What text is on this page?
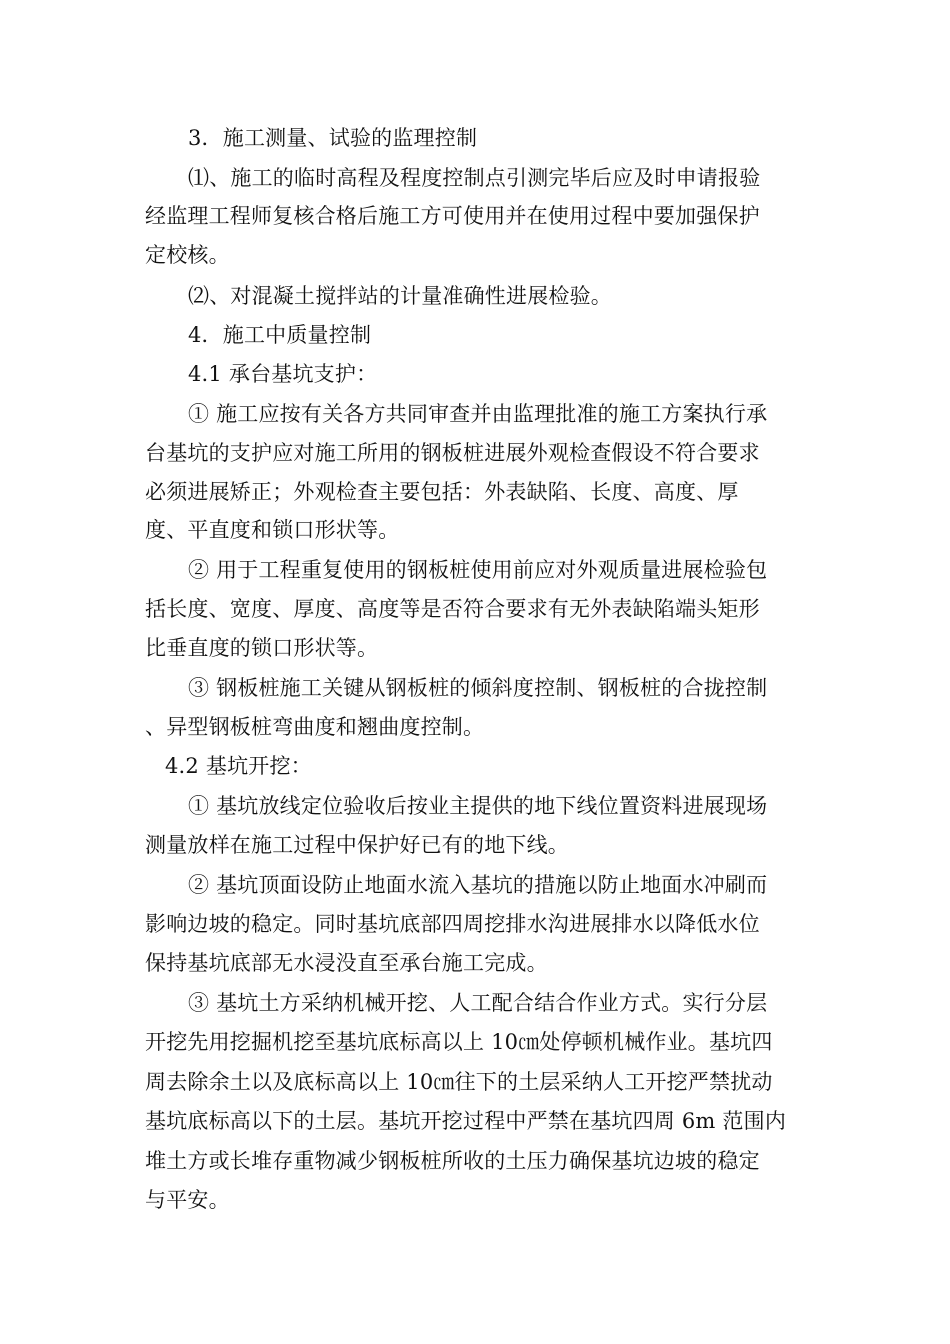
3．施工测量、试验的监理控制

⑴、施工的临时高程及程度控制点引测完毕后应及时申请报验

经监理工程师复核合格后施工方可使用并在使用过程中要加强保护

定校核。

⑵、对混凝土搅拌站的计量准确性进展检验。

4．施工中质量控制

4.1 承台基坑支护：

① 施工应按有关各方共同审查并由监理批准的施工方案执行承

台基坑的支护应对施工所用的钢板桩进展外观检查假设不符合要求

必须进展矫正；外观检查主要包括：外表缺陷、长度、高度、厚

度、平直度和锁口形状等。

② 用于工程重复使用的钢板桩使用前应对外观质量进展检验包

括长度、宽度、厚度、高度等是否符合要求有无外表缺陷端头矩形

比垂直度的锁口形状等。

③ 钢板桩施工关键从钢板桩的倾斜度控制、钢板桩的合拢控制

、异型钢板桩弯曲度和翘曲度控制。

4.2 基坑开挖：

① 基坑放线定位验收后按业主提供的地下线位置资料进展现场

测量放样在施工过程中保护好已有的地下线。

② 基坑顶面设防止地面水流入基坑的措施以防止地面水冲刷而

影响边坡的稳定。同时基坑底部四周挖排水沟进展排水以降低水位

保持基坑底部无水浸没直至承台施工完成。

③ 基坑土方采纳机械开挖、人工配合结合作业方式。实行分层

开挖先用挖掘机挖至基坑底标高以上 10㎝处停顿机械作业。基坑四

周去除余土以及底标高以上 10㎝往下的土层采纳人工开挖严禁扰动

基坑底标高以下的土层。基坑开挖过程中严禁在基坑四周 6m 范围内

堆土方或长堆存重物减少钢板桩所收的土压力确保基坑边坡的稳定

与平安。
